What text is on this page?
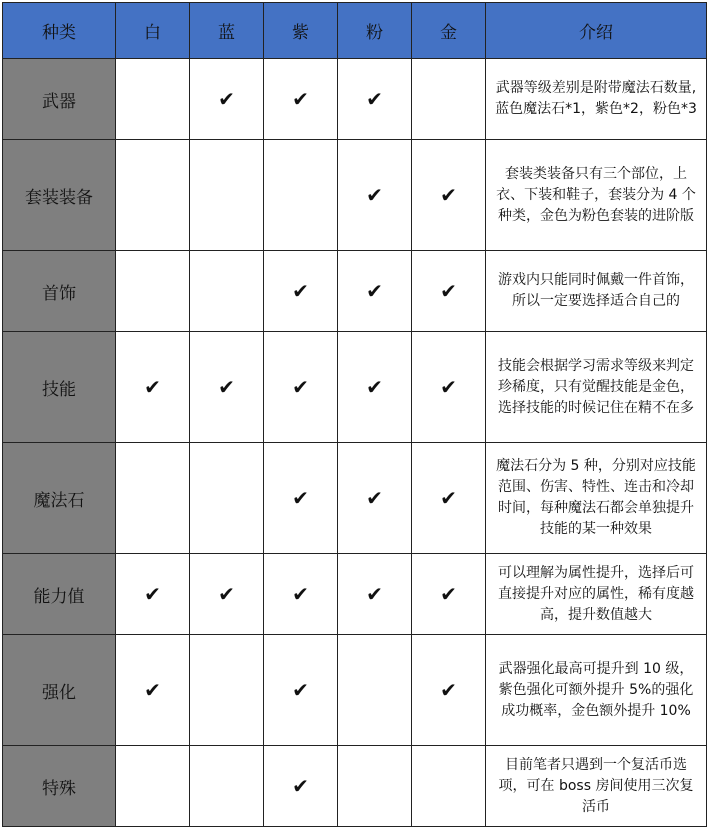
种类	白	蓝	紫	粉	金	介绍
武器		✔	✔	✔		武器等级差别是附带魔法石数量, 蓝色魔法石*1，紫色*2，粉色*3
套装装备				✔	✔	套装类装备只有三个部位，上衣、下装和鞋子，套装分为 4 个种类，金色为粉色套装的进阶版
首饰			✔	✔	✔	游戏内只能同时佩戴一件首饰，所以一定要选择适合自己的
技能	✔	✔	✔	✔	✔	技能会根据学习需求等级来判定珍稀度，只有觉醒技能是金色，选择技能的时候记住在精不在多
魔法石			✔	✔	✔	魔法石分为 5 种，分别对应技能范围、伤害、特性、连击和冷却时间，每种魔法石都会单独提升技能的某一种效果
能力值	✔	✔	✔	✔	✔	可以理解为属性提升，选择后可直接提升对应的属性，稀有度越高，提升数值越大
强化	✔		✔		✔	武器强化最高可提升到 10 级，紫色强化可额外提升 5%的强化成功概率，金色额外提升 10%
特殊			✔			目前笔者只遇到一个复活币选项，可在 boss 房间使用三次复活币
